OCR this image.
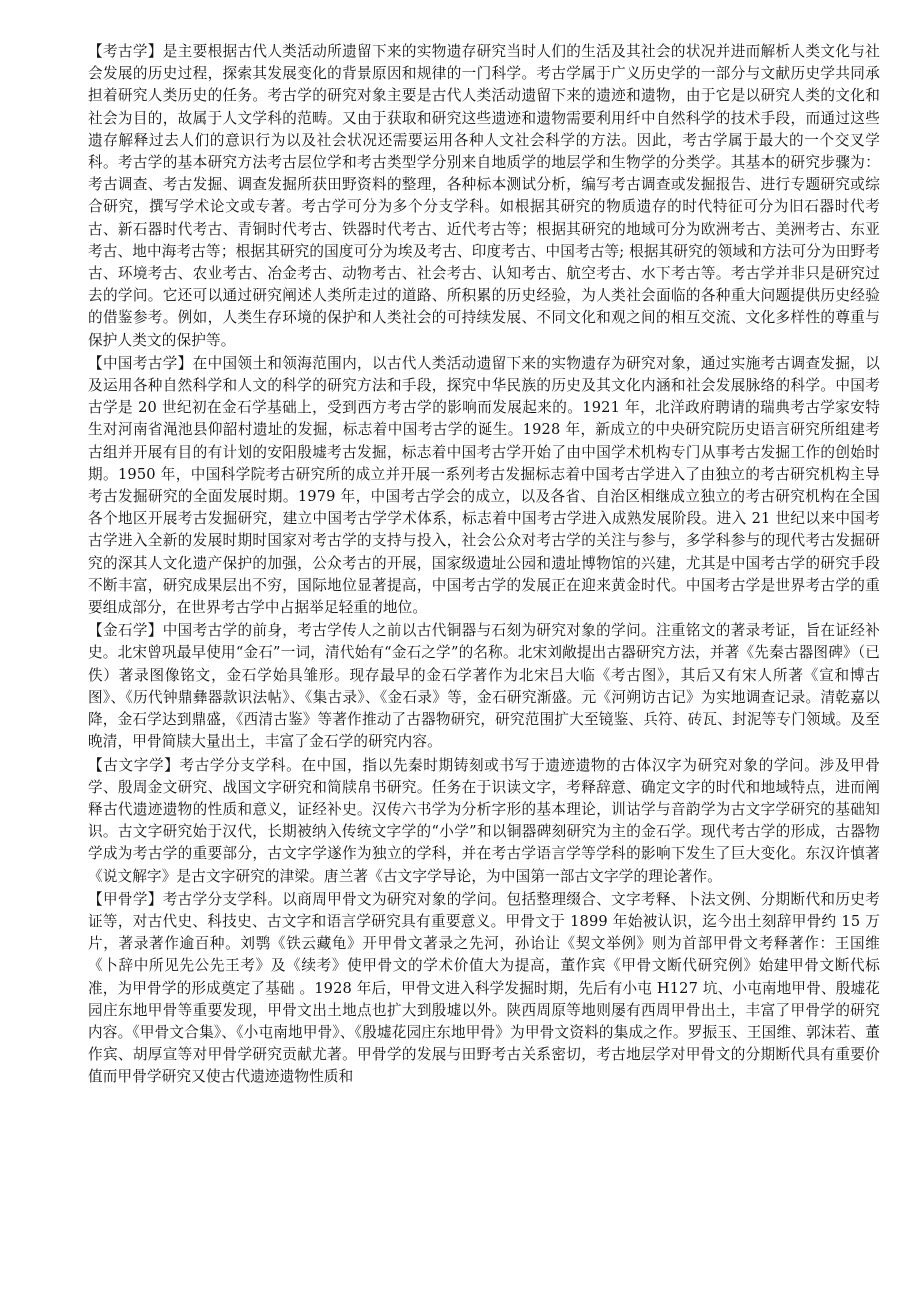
【考古学】是主要根据古代人类活动所遗留下来的实物遗存研究当时人们的生活及其社会的状况并进而解析人类文化与社会发展的历史过程，探索其发展变化的背景原因和规律的一门科学。考古学属于广义历史学的一部分与文献历史学共同承担着研究人类历史的任务。考古学的研究对象主要是古代人类活动遗留下来的遗迹和遗物，由于它是以研究人类的文化和社会为目的，故属于人文学科的范畴。又由于获取和研究这些遗迹和遗物需要利用纤中自然科学的技术手段，而通过这些遗存解释过去人们的意识行为以及社会状况还需要运用各种人文社会科学的方法。因此，考古学属于最大的一个交叉学科。考古学的基本研究方法考古层位学和考古类型学分别来自地质学的地层学和生物学的分类学。其基本的研究步骤为：考古调查、考古发掘、调查发掘所获田野资料的整理，各种标本测试分析，编写考古调查或发掘报告、进行专题研究或综合研究，撰写学术论文或专著。考古学可分为多个分支学科。如根据其研究的物质遗存的时代特征可分为旧石器时代考古、新石器时代考古、青铜时代考古、铁器时代考古、近代考古等；根据其研究的地域可分为欧洲考古、美洲考古、东亚考古、地中海考古等；根据其研究的国度可分为埃及考古、印度考古、中国考古等; 根据其研究的领域和方法可分为田野考古、环境考古、农业考古、冶金考古、动物考古、社会考古、认知考古、航空考古、水下考古等。考古学并非只是研究过去的学问。它还可以通过研究阐述人类所走过的道路、所积累的历史经验，为人类社会面临的各种重大问题提供历史经验的借鉴参考。例如，人类生存环境的保护和人类社会的可持续发展、不同文化和观之间的相互交流、文化多样性的尊重与保护人类文的保护等。

【中国考古学】在中国领土和领海范围内，以古代人类活动遗留下来的实物遗存为研究对象，通过实施考古调查发掘，以及运用各种自然科学和人文的科学的研究方法和手段，探究中华民族的历史及其文化内涵和社会发展脉络的科学。中国考古学是 20 世纪初在金石学基础上，受到西方考古学的影响而发展起来的。1921 年，北洋政府聘请的瑞典考古学家安特生对河南省渑池县仰韶村遗址的发掘，标志着中国考古学的诞生。1928 年，新成立的中央研究院历史语言研究所组建考古组并开展有目的有计划的安阳殷墟考古发掘，标志着中国考古学开始了由中国学术机构专门从事考古发掘工作的创始时期。1950 年，中国科学院考古研究所的成立并开展一系列考古发掘标志着中国考古学进入了由独立的考古研究机构主导考古发掘研究的全面发展时期。1979 年，中国考古学会的成立，以及各省、自治区相继成立独立的考古研究机构在全国各个地区开展考古发掘研究，建立中国考古学学术体系，标志着中国考古学进入成熟发展阶段。进入 21 世纪以来中国考古学进入全新的发展时期时国家对考古学的支持与投入，社会公众对考古学的关注与参与，多学科参与的现代考古发掘研究的深其人文化遗产保护的加强，公众考古的开展，国家级遗址公园和遗址博物馆的兴建，尤其是中国考古学的研究手段不断丰富，研究成果层出不穷，国际地位显著提高，中国考古学的发展正在迎来黄金时代。中国考古学是世界考古学的重要组成部分，在世界考古学中占据举足轻重的地位。

【金石学】中国考古学的前身，考古学传人之前以古代铜器与石刻为研究对象的学问。注重铭文的著录考证，旨在证经补史。北宋曾巩最早使用“金石”一词，清代始有“金石之学”的名称。北宋刘敞提出古器研究方法，并著《先秦古器图碑》（已佚）著录图像铭文，金石学始具雏形。现存最早的金石学著作为北宋吕大临《考古图》，其后又有宋人所著《宣和博古图》、《历代钟鼎彝器款识法帖》、《集古录》、《金石录》等，金石研究渐盛。元《河朔访古记》为实地调查记录。清乾嘉以降，金石学达到鼎盛，《西清古鉴》等著作推动了古器物研究，研究范围扩大至镜鉴、兵符、砖瓦、封泥等专门领域。及至晚清，甲骨简牍大量出土，丰富了金石学的研究内容。

【古文字学】考古学分支学科。在中国，指以先秦时期铸刻或书写于遗迹遗物的古体汉字为研究对象的学问。涉及甲骨学、殷周金文研究、战国文字研究和简牍帛书研究。任务在于识读文字，考释辞意、确定文字的时代和地域特点，进而阐释古代遗迹遗物的性质和意义，证经补史。汉传六书学为分析字形的基本理论，训诂学与音韵学为古文字学研究的基础知识。古文字研究始于汉代，长期被纳入传统文字学的“小学”和以铜器碑刻研究为主的金石学。现代考古学的形成，古器物学成为考古学的重要部分，古文字学遂作为独立的学科，并在考古学语言学等学科的影响下发生了巨大变化。东汉许慎著《说文解字》是古文字研究的津梁。唐兰著《古文字学导论，为中国第一部古文字学的理论著作。

【甲骨学】考古学分支学科。以商周甲骨文为研究对象的学问。包括整理缀合、文字考释、卜法文例、分期断代和历史考证等，对古代史、科技史、古文字和语言学研究具有重要意义。甲骨文于 1899 年始被认识，迄今出土刻辞甲骨约 15 万片，著录著作逾百种。刘鹗《铁云藏龟》开甲骨文著录之先河，孙诒让《契文举例》则为首部甲骨文考释著作：王国维《卜辞中所见先公先王考》及《续考》使甲骨文的学术价值大为提高，董作宾《甲骨文断代研究例》始建甲骨文断代标准，为甲骨学的形成奠定了基础 。1928 年后，甲骨文进入科学发掘时期，先后有小屯 H127 坑、小屯南地甲骨、殷墟花园庄东地甲骨等重要发现，甲骨文出土地点也扩大到殷墟以外。陕西周原等地则屡有西周甲骨出土，丰富了甲骨学的研究内容。《甲骨文合集》、《小屯南地甲骨》、《殷墟花园庄东地甲骨》为甲骨文资料的集成之作。罗振玉、王国维、郭沫若、董作宾、胡厚宣等对甲骨学研究贡献尤著。甲骨学的发展与田野考古关系密切，考古地层学对甲骨文的分期断代具有重要价值而甲骨学研究又使古代遗迹遗物性质和
